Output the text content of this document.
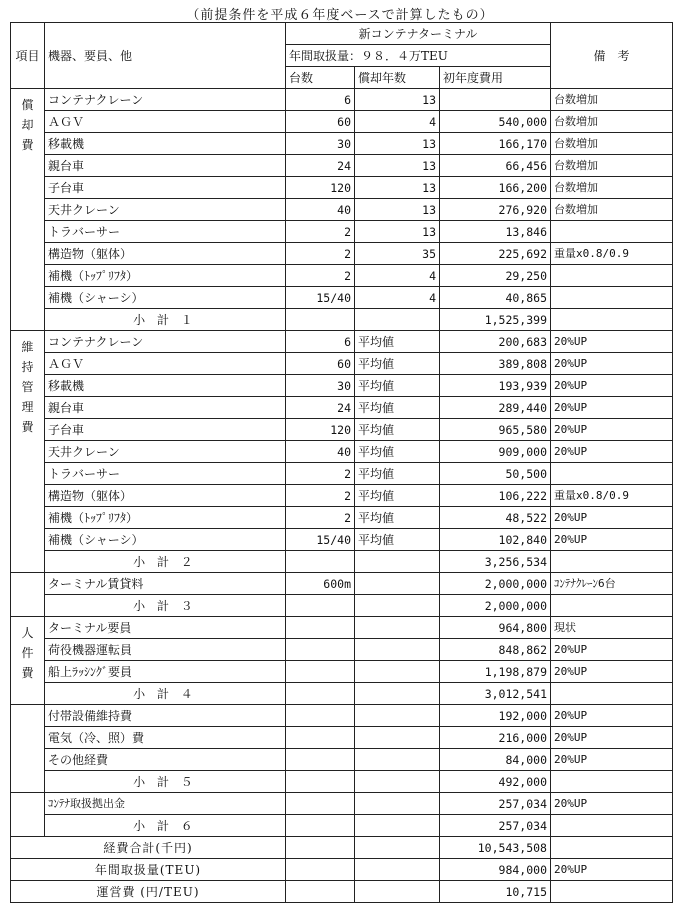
（前提条件を平成６年度ベースで計算したもの）
項目	機器、要員、他	新コンテナターミナル			備　考
		年間取扱量：９８．４万TEU			
		台数	償却年数	初年度費用	

償
却
費	コンテナクレーン	6	13		台数増加
	ＡＧＶ	60	4	540,000	台数増加
	移載機	30	13	166,170	台数増加
	親台車	24	13	66,456	台数増加
	子台車	120	13	166,200	台数増加
	天井クレーン	40	13	276,920	台数増加
	トラバーサー	2	13	13,846	
	構造物（躯体）	2	35	225,692	重量x0.8/0.9
	補機（ﾄｯﾌﾟﾘﾌﾀ）	2	4	29,250	
	補機（シャーシ）	15/40	4	40,865	
	小 計 １			1,525,399	

維
持
管
理
費	コンテナクレーン	6	平均値	200,683	20%UP
	ＡＧＶ	60	平均値	389,808	20%UP
	移載機	30	平均値	193,939	20%UP
	親台車	24	平均値	289,440	20%UP
	子台車	120	平均値	965,580	20%UP
	天井クレーン	40	平均値	909,000	20%UP
	トラバーサー	2	平均値	50,500	
	構造物（躯体）	2	平均値	106,222	重量x0.8/0.9
	補機（ﾄｯﾌﾟﾘﾌﾀ）	2	平均値	48,522	20%UP
	補機（シャーシ）	15/40	平均値	102,840	20%UP
	小 計 ２			3,256,534	
	ターミナル賃貸料	600m		2,000,000	ｺﾝﾃﾅｸﾚｰﾝ6台
	小 計 ３			2,000,000	

人
件
費	ターミナル要員			964,800	現状
	荷役機器運転員			848,862	20%UP
	船上ﾗｯｼﾝｸﾞ要員			1,198,879	20%UP
	小 計 ４			3,012,541	
	付帯設備維持費			192,000	20%UP
	電気（冷、照）費			216,000	20%UP
	その他経費			84,000	20%UP
	小 計 ５			492,000	
	ｺﾝﾃﾅ取扱拠出金			257,034	20%UP
	小 計 ６			257,034	
経費合計(千円)				10,543,508	
年間取扱量(TEU)				984,000	20%UP
運営費 (円/TEU)				10,715	
